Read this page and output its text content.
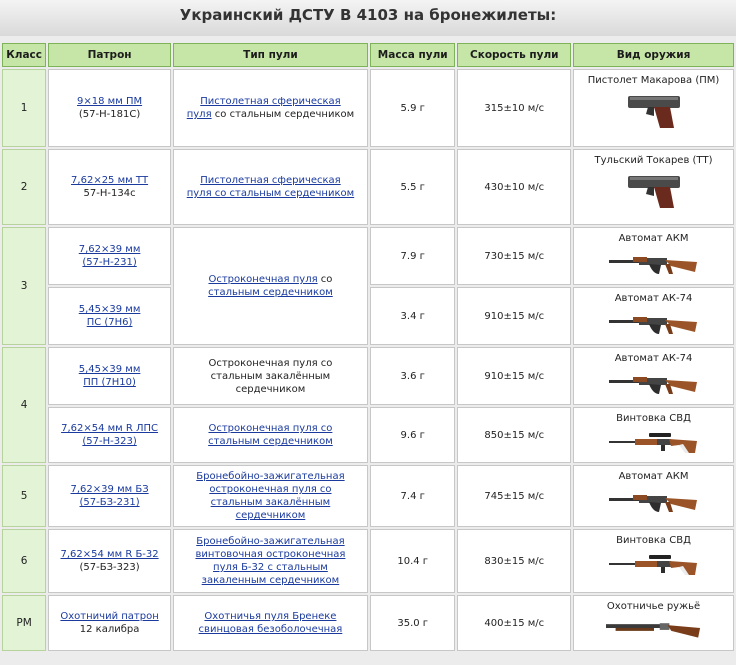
Украинский ДСТУ В 4103 на бронежилеты:
Класс	Патрон	Тип пули	Масса пули	Скорость пули	Вид оружия
1	9×18 мм ПМ
(57-Н-181С)	Пистолетная сферическая
пуля со стальным сердечником	5.9 г	315±10 м/с	Пистолет Макарова (ПМ)

2	7,62×25 мм ТТ
57-Н-134с	Пистолетная сферическая
пуля со стальным сердечником	5.5 г	430±10 м/с	Тульский Токарев (ТТ)

3	7,62×39 мм
(57-Н-231)	Остроконечная пуля со
стальным сердечником	7.9 г	730±15 м/с	Автомат АКМ

	5,45×39 мм
ПС (7Н6)		3.4 г	910±15 м/с	Автомат АК-74

4	5,45×39 мм
ПП (7Н10)	Остроконечная пуля со
стальным закалённым
сердечником	3.6 г	910±15 м/с	Автомат АК-74

	7,62×54 мм R ЛПС
(57-Н-323)	Остроконечная пуля со
стальным сердечником	9.6 г	850±15 м/с	Винтовка СВД

5	7,62×39 мм БЗ
(57-БЗ-231)	Бронебойно-зажигательная
остроконечная пуля со
стальным закалённым
сердечником	7.4 г	745±15 м/с	Автомат АКМ

6	7,62×54 мм R Б-32
(57-БЗ-323)	Бронебойно-зажигательная
винтовочная остроконечная
пуля Б-32 с стальным
закаленным сердечником	10.4 г	830±15 м/с	Винтовка СВД

РМ	Охотничий патрон
12 калибра	Охотничья пуля Бренеке
свинцовая безоболочечная	35.0 г	400±15 м/с	Охотничье ружьё
